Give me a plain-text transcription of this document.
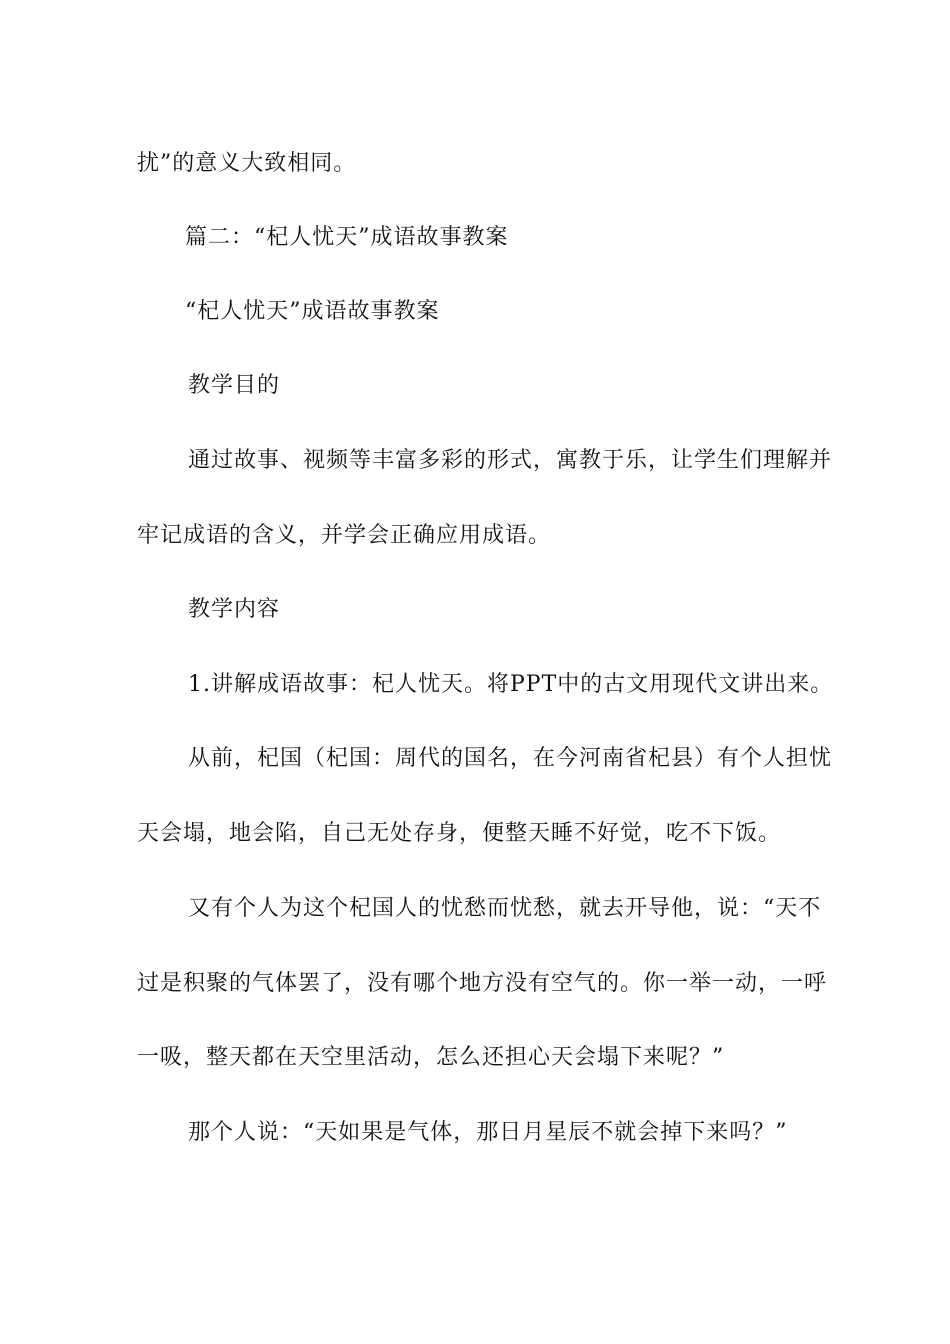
扰”的意义大致相同。
篇二：“杞人忧天”成语故事教案
“杞人忧天”成语故事教案
教学目的
通过故事、视频等丰富多彩的形式，寓教于乐，让学生们理解并
牢记成语的含义，并学会正确应用成语。
教学内容
1.讲解成语故事：杞人忧天。将PPT中的古文用现代文讲出来。
从前，杞国（杞国：周代的国名，在今河南省杞县）有个人担忧
天会塌，地会陷，自己无处存身，便整天睡不好觉，吃不下饭。
又有个人为这个杞国人的忧愁而忧愁，就去开导他，说：“天不
过是积聚的气体罢了，没有哪个地方没有空气的。你一举一动，一呼
一吸，整天都在天空里活动，怎么还担心天会塌下来呢？”
那个人说：“天如果是气体，那日月星辰不就会掉下来吗？”
